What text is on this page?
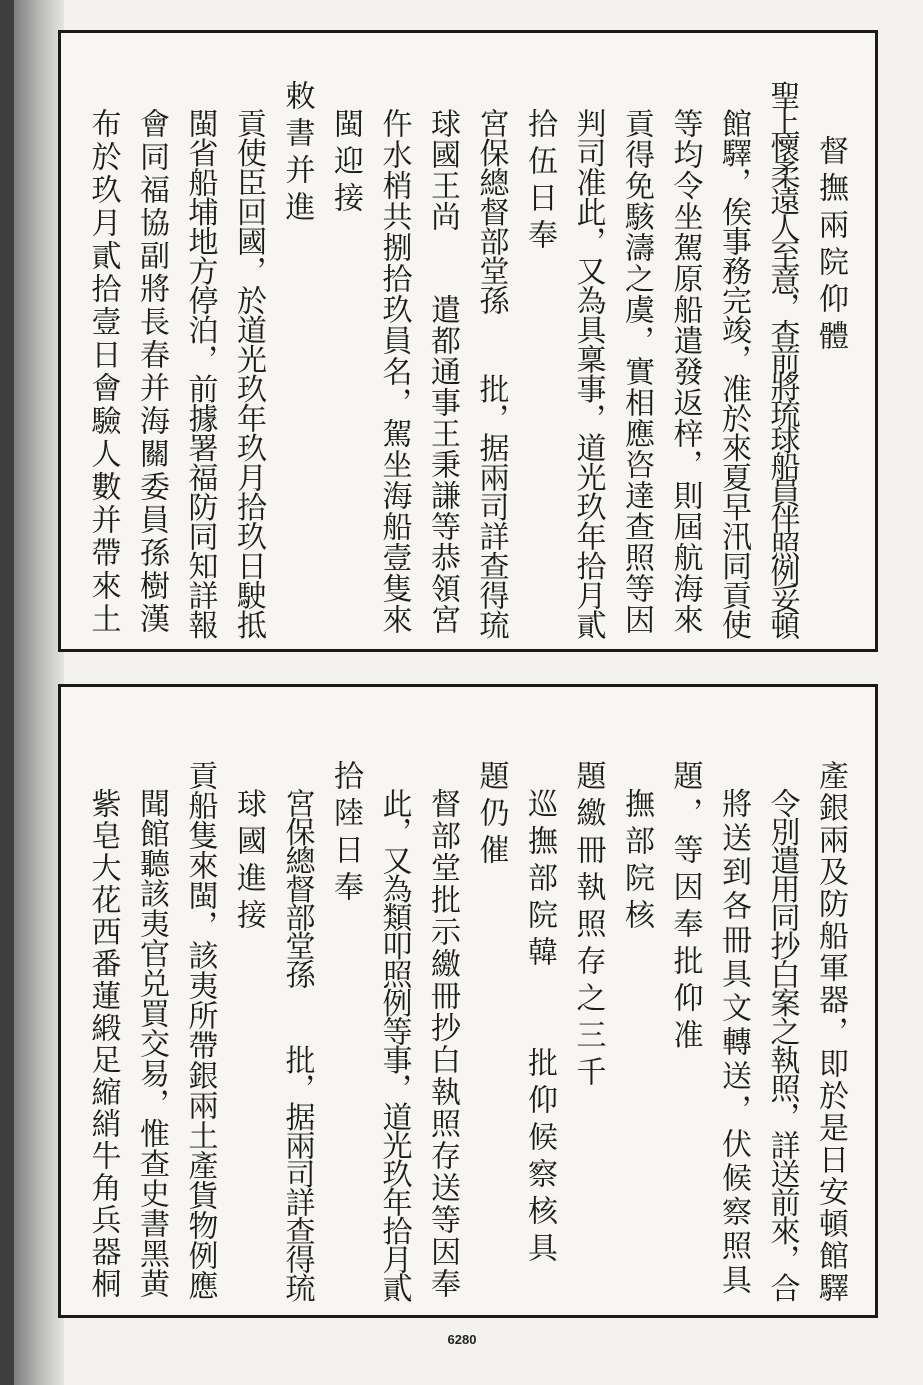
督撫兩院仰體
聖上懷柔遠人至意，查前將琉球船員伴照例妥頓
館驛，俟事務完竣，准於來夏早汛同貢使
等均令坐駕原船遣發返梓，則屆航海來
貢得免駭濤之虞，實相應咨達查照等因
判司准此，又為具稟事，道光玖年拾月貳
拾伍日奉
宮保總督部堂孫　　批，据兩司詳查得琉
球國王尚　　遣都通事王秉謙等恭領宮
仵水梢共捌拾玖員名，駕坐海船壹隻來
閩迎接
敕書并進
貢使臣回國，於道光玖年玖月拾玖日駛抵
閩省船埔地方停泊，前據署福防同知詳報
會同福協副將長春并海關委員孫樹漢
布於玖月貳拾壹日會驗人數并帶來土
產銀兩及防船軍器，即於是日安頓館驛
令別遣用同抄白案之執照，詳送前來，合
將送到各冊具文轉送，伏候察照具
題，等因奉批仰准
撫部院核
題繳冊執照存之三千
巡撫部院韓　　批仰候察核具
題仍催
督部堂批示繳冊抄白執照存送等因奉
此，又為類叩照例等事，道光玖年拾月貳
拾陸日奉
宮保總督部堂孫　　批，据兩司詳查得琉
球國進接
貢船隻來閩，該夷所帶銀兩土產貨物例應
聞館聽該夷官兑買交易，惟查史書黑黄
紫皂大花西番蓮緞足縮綃牛角兵器桐
6280
